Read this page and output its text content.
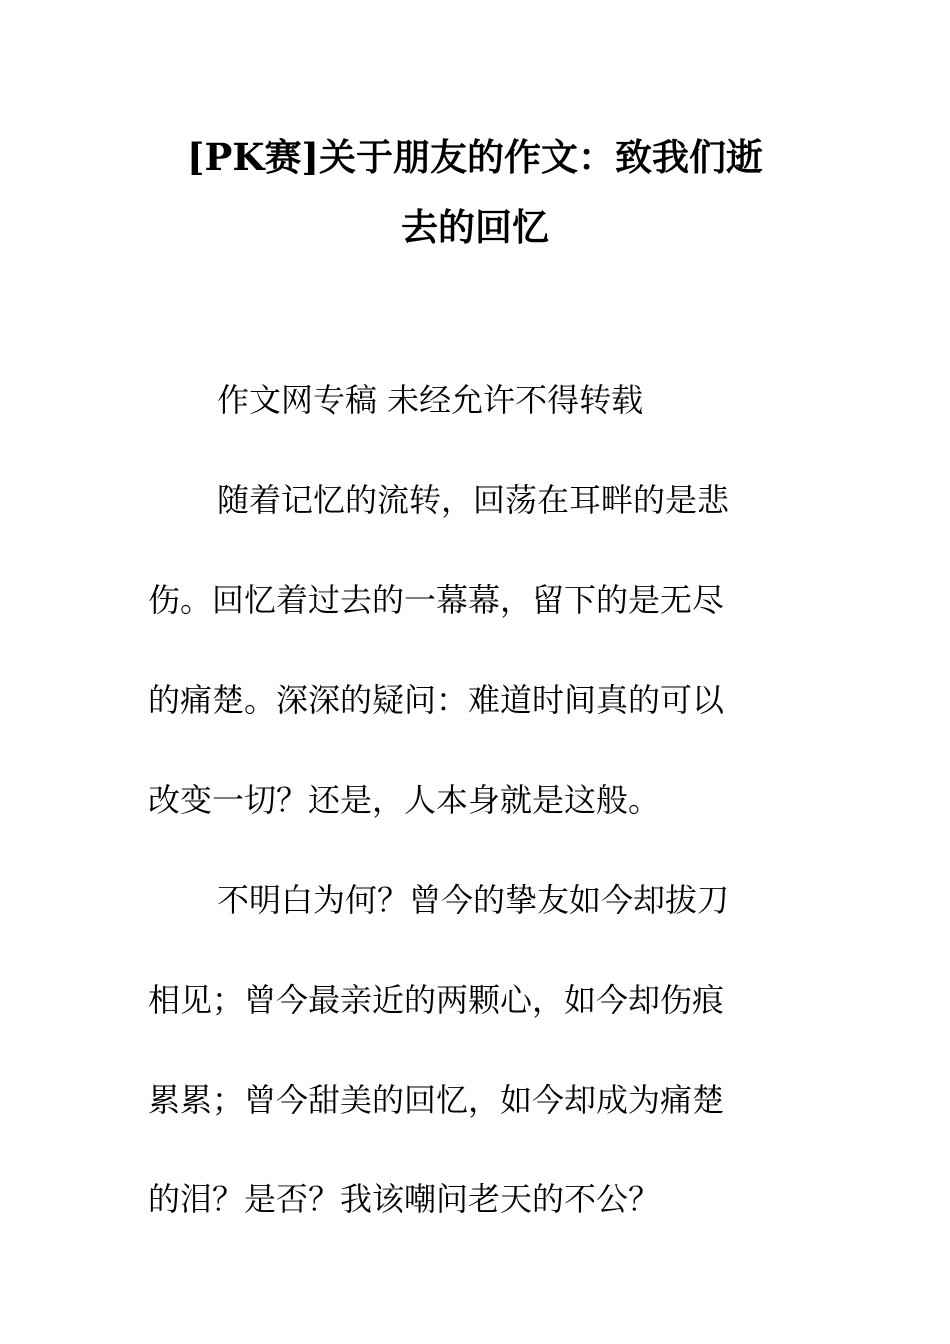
[PK赛]关于朋友的作文：致我们逝
去的回忆

作文网专稿 未经允许不得转载

随着记忆的流转，回荡在耳畔的是悲

伤。回忆着过去的一幕幕，留下的是无尽

的痛楚。深深的疑问：难道时间真的可以

改变一切？还是，人本身就是这般。

不明白为何？曾今的挚友如今却拔刀

相见；曾今最亲近的两颗心，如今却伤痕

累累；曾今甜美的回忆，如今却成为痛楚

的泪？是否？我该嘲问老天的不公？
